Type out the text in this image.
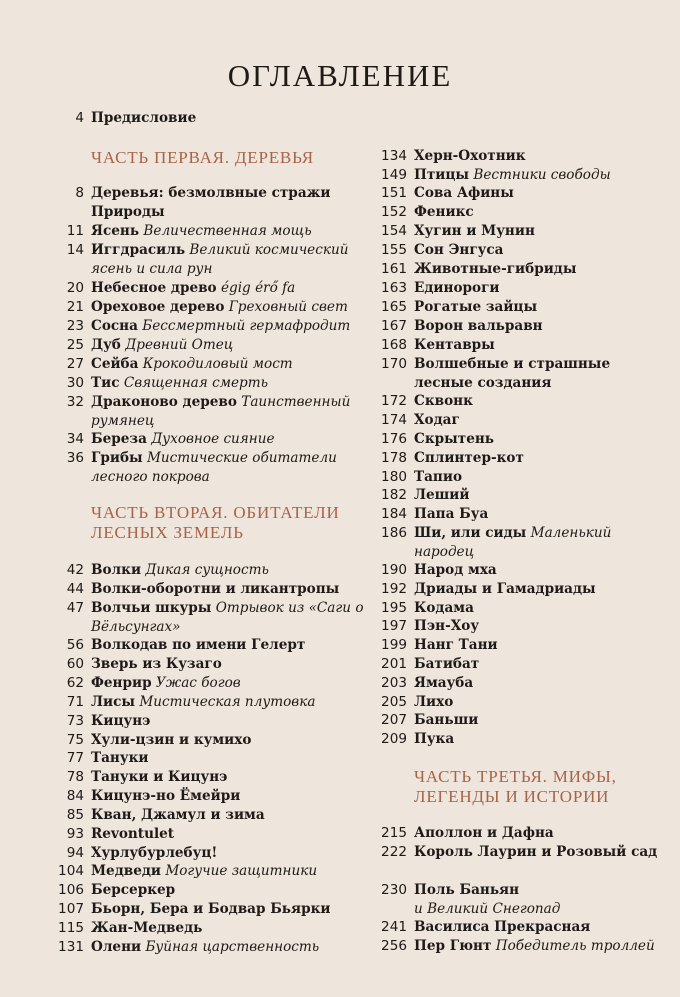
ОГЛАВЛЕНИЕ
4 Предисловие
ЧАСТЬ ПЕРВАЯ. ДЕРЕВЬЯ
8 Деревья: безмолвные стражи Природы
11 Ясень Величественная мощь
14 Иггдрасиль Великий космический ясень и сила рун
20 Небесное древо égig érő fa
21 Ореховое дерево Греховный свет
23 Сосна Бессмертный гермафродит
25 Дуб Древний Отец
27 Сейба Крокодиловый мост
30 Тис Священная смерть
32 Драконово дерево Таинственный румянец
34 Береза Духовное сияние
36 Грибы Мистические обитатели лесного покрова
ЧАСТЬ ВТОРАЯ. ОБИТАТЕЛИ ЛЕСНЫХ ЗЕМЕЛЬ
42 Волки Дикая сущность
44 Волки-оборотни и ликантропы
47 Волчьи шкуры Отрывок из «Саги о Вёльсунгах»
56 Волкодав по имени Гелерт
60 Зверь из Кузаго
62 Фенрир Ужас богов
71 Лисы Мистическая плутовка
73 Кицунэ
75 Хули-цзин и кумихо
77 Тануки
78 Тануки и Кицунэ
84 Кицунэ-но Ёмейри
85 Кван, Джамул и зима
93 Revontulet
94 Хурлубурлебуц!
104 Медведи Могучие защитники
106 Берсеркер
107 Бьорн, Бера и Бодвар Бьярки
115 Жан-Медведь
131 Олени Буйная царственность
134 Херн-Охотник
149 Птицы Вестники свободы
151 Сова Афины
152 Феникс
154 Хугин и Мунин
155 Сон Энгуса
161 Животные-гибриды
163 Единороги
165 Рогатые зайцы
167 Ворон вальравн
168 Кентавры
170 Волшебные и страшные лесные создания
172 Сквонк
174 Ходаг
176 Скрытень
178 Сплинтер-кот
180 Тапио
182 Леший
184 Папа Буа
186 Ши, или сиды Маленький народец
190 Народ мха
192 Дриады и Гамадриады
195 Кодама
197 Пэн-Хоу
199 Нанг Тани
201 Батибат
203 Ямауба
205 Лихо
207 Баньши
209 Пука
ЧАСТЬ ТРЕТЬЯ. МИФЫ, ЛЕГЕНДЫ И ИСТОРИИ
215 Аполлон и Дафна
222 Король Лаурин и Розовый сад
230 Поль Баньян
и Великий Снегопад
241 Василиса Прекрасная
256 Пер Гюнт Победитель троллей
